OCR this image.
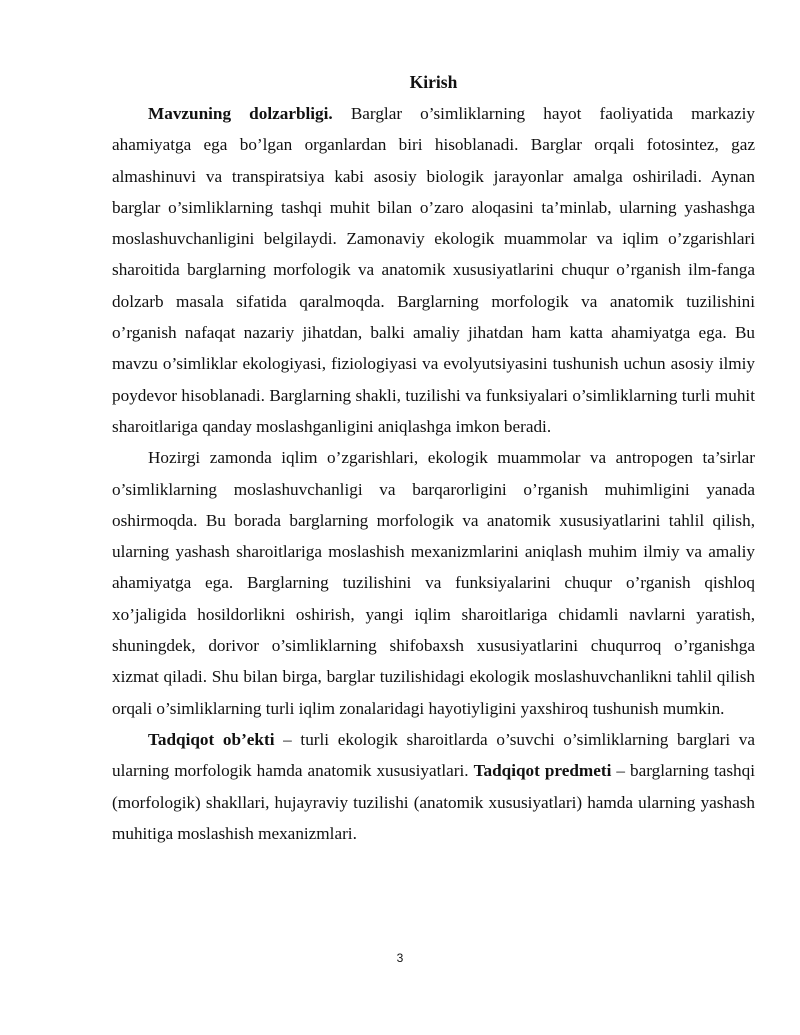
Kirish

Mavzuning dolzarbligi. Barglar o’simliklarning hayot faoliyatida markaziy ahamiyatga ega bo’lgan organlardan biri hisoblanadi. Barglar orqali fotosintez, gaz almashinuvi va transpiratsiya kabi asosiy biologik jarayonlar amalga oshiriladi. Aynan barglar o’simliklarning tashqi muhit bilan o’zaro aloqasini ta’minlab, ularning yashashga moslashuvchanligini belgilaydi. Zamonaviy ekologik muammolar va iqlim o’zgarishlari sharoitida barglarning morfologik va anatomik xususiyatlarini chuqur o’rganish ilm-fanga dolzarb masala sifatida qaralmoqda. Barglarning morfologik va anatomik tuzilishini o’rganish nafaqat nazariy jihatdan, balki amaliy jihatdan ham katta ahamiyatga ega. Bu mavzu o’simliklar ekologiyasi, fiziologiyasi va evolyutsiyasini tushunish uchun asosiy ilmiy poydevor hisoblanadi. Barglarning shakli, tuzilishi va funksiyalari o’simliklarning turli muhit sharoitlariga qanday moslashganligini aniqlashga imkon beradi.

Hozirgi zamonda iqlim o’zgarishlari, ekologik muammolar va antropogen ta’sirlar o’simliklarning moslashuvchanligi va barqarorligini o’rganish muhimligini yanada oshirmoqda. Bu borada barglarning morfologik va anatomik xususiyatlarini tahlil qilish, ularning yashash sharoitlariga moslashish mexanizmlarini aniqlash muhim ilmiy va amaliy ahamiyatga ega. Barglarning tuzilishini va funksiyalarini chuqur o’rganish qishloq xo’jaligida hosildorlikni oshirish, yangi iqlim sharoitlariga chidamli navlarni yaratish, shuningdek, dorivor o’simliklarning shifobaxsh xususiyatlarini chuqurroq o’rganishga xizmat qiladi. Shu bilan birga, barglar tuzilishidagi ekologik moslashuvchanlikni tahlil qilish orqali o’simliklarning turli iqlim zonalaridagi hayotiyligini yaxshiroq tushunish mumkin.

Tadqiqot ob’ekti – turli ekologik sharoitlarda o’suvchi o’simliklarning barglari va ularning morfologik hamda anatomik xususiyatlari. Tadqiqot predmeti – barglarning tashqi (morfologik) shakllari, hujayraviy tuzilishi (anatomik xususiyatlari) hamda ularning yashash muhitiga moslashish mexanizmlari.

3
